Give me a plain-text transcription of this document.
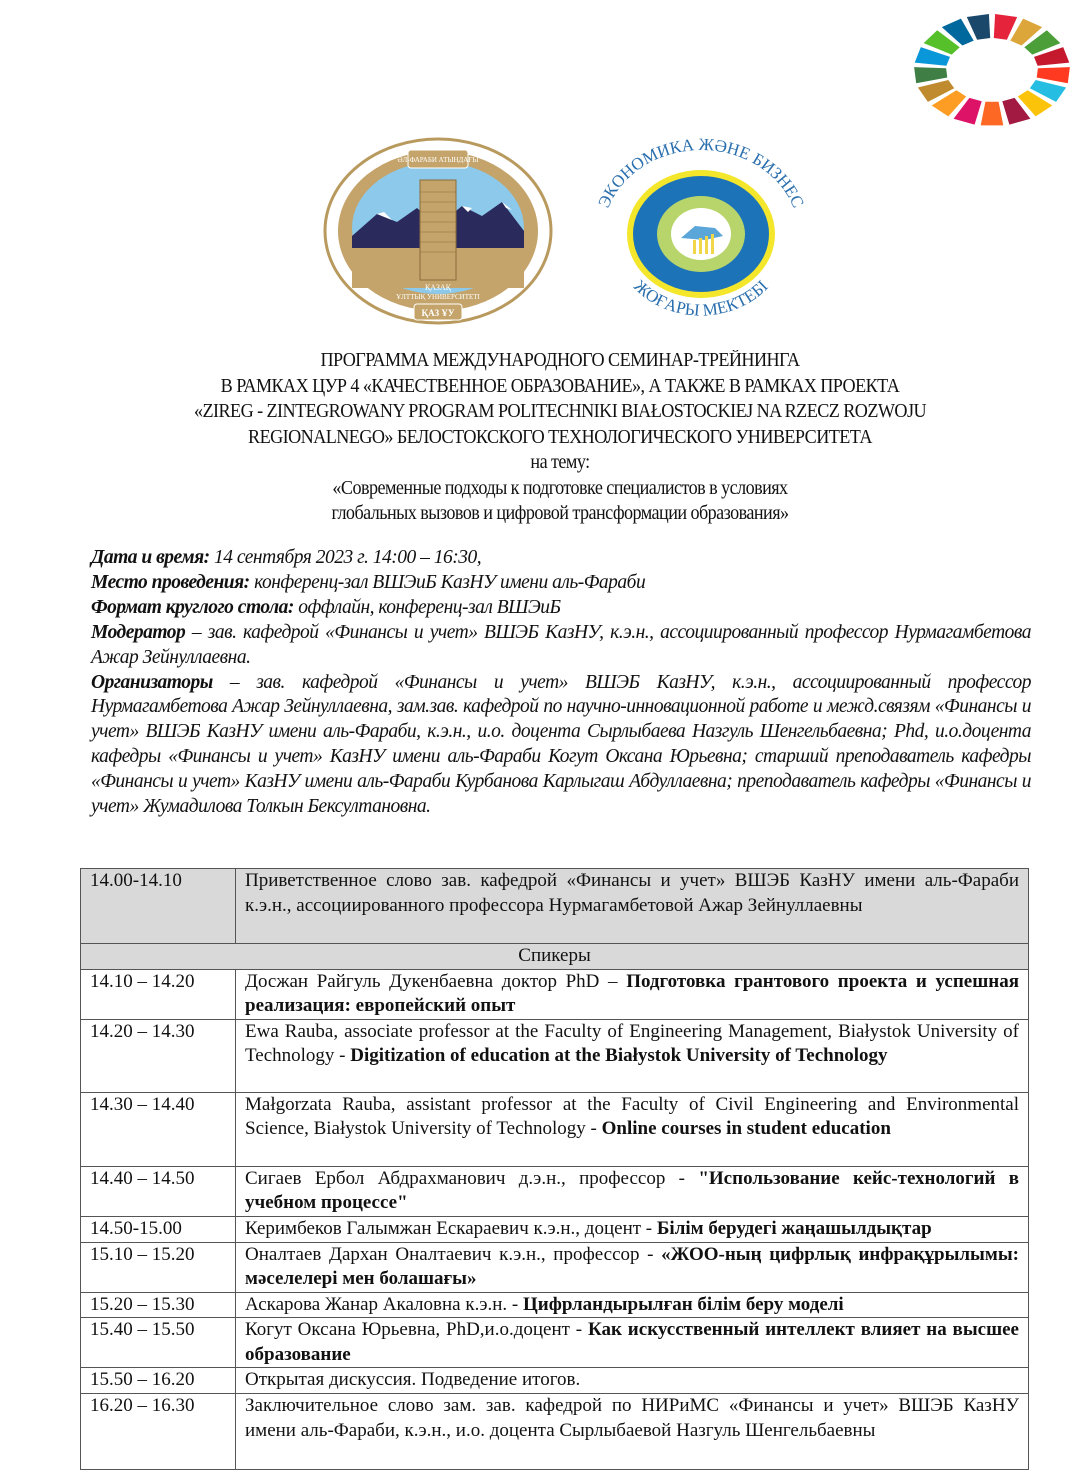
ӘЛ-ФАРАБИ АТЫНДАҒЫ
ҚАЗАҚ
ҰЛТТЫҚ УНИВЕРСИТЕТІ
ҚАЗ ҰУ
ЭКОНОМИКА ЖӘНЕ БИЗНЕС
ЖОҒАРЫ МЕКТЕБІ
ПРОГРАММА МЕЖДУНАРОДНОГО СЕМИНАР-ТРЕЙНИНГА
В РАМКАХ ЦУР 4 «КАЧЕСТВЕННОЕ ОБРАЗОВАНИЕ», А ТАКЖЕ В РАМКАХ ПРОЕКТА
«ZIREG - ZINTEGROWANY PROGRAM POLITECHNIKI BIAŁOSTOCKIEJ NA RZECZ ROZWOJU
REGIONALNEGO» БЕЛОСТОКСКОГО ТЕХНОЛОГИЧЕСКОГО УНИВЕРСИТЕТА
на тему:
«Современные подходы к подготовке специалистов в условиях
глобальных вызовов и цифровой трансформации образования»

Дата и время: 14 сентября 2023 г. 14:00 – 16:30,

Место проведения: конференц-зал ВШЭиБ КазНУ имени аль-Фараби

Формат круглого стола: оффлайн, конференц-зал ВШЭиБ

Модератор – зав. кафедрой «Финансы и учет» ВШЭБ КазНУ, к.э.н., ассоциированный профессор Нурмагамбетова Ажар Зейнуллаевна.

Организаторы – зав. кафедрой «Финансы и учет» ВШЭБ КазНУ, к.э.н., ассоциированный профессор Нурмагамбетова Ажар Зейнуллаевна, зам.зав. кафедрой по научно-инновационной работе и межд.связям «Финансы и учет» ВШЭБ КазНУ имени аль-Фараби, к.э.н., и.о. доцента Сырлыбаева Назгуль Шенгельбаевна; Phd, и.о.доцента кафедры «Финансы и учет» КазНУ имени аль-Фараби Когут Оксана Юрьевна; старший преподаватель кафедры «Финансы и учет» КазНУ имени аль-Фараби Курбанова Карлыгаш Абдуллаевна; преподаватель кафедры «Финансы и учет» Жумадилова Толкын Бексултановна.

14.00-14.10	Приветственное слово зав. кафедрой «Финансы и учет» ВШЭБ КазНУ имени аль-Фараби к.э.н., ассоциированного профессора Нурмагамбетовой Ажар Зейнуллаевны
Спикеры	
14.10 – 14.20	Досжан Райгуль Дукенбаевна доктор PhD – Подготовка грантового проекта и успешная реализация: европейский опыт
14.20 – 14.30	Ewa Rauba, associate professor at the Faculty of Engineering Management, Białystok University of Technology - Digitization of education at the Białystok University of Technology
14.30 – 14.40	Małgorzata Rauba, assistant professor at the Faculty of Civil Engineering and Environmental Science, Białystok University of Technology - Online courses in student education
14.40 – 14.50	Сигаев Ербол Абдрахманович д.э.н., профессор - "Использование кейс-технологий в учебном процессе"
14.50-15.00	Керимбеков Галымжан Ескараевич к.э.н., доцент - Білім берудегі жаңашылдықтар
15.10 – 15.20	Оналтаев Дархан Оналтаевич к.э.н., профессор - «ЖОО-ның цифрлық инфрақұрылымы: мәселелері мен болашағы»
15.20 – 15.30	Аскарова Жанар Акаловна к.э.н. - Цифрландырылған білім беру моделі
15.40 – 15.50	Когут Оксана Юрьевна, PhD,и.о.доцент - Как искусственный интеллект влияет на высшее образование
15.50 – 16.20	Открытая дискуссия. Подведение итогов.
16.20 – 16.30	Заключительное слово зам. зав. кафедрой по НИРиМС «Финансы и учет» ВШЭБ КазНУ имени аль-Фараби, к.э.н., и.о. доцента Сырлыбаевой Назгуль Шенгельбаевны
